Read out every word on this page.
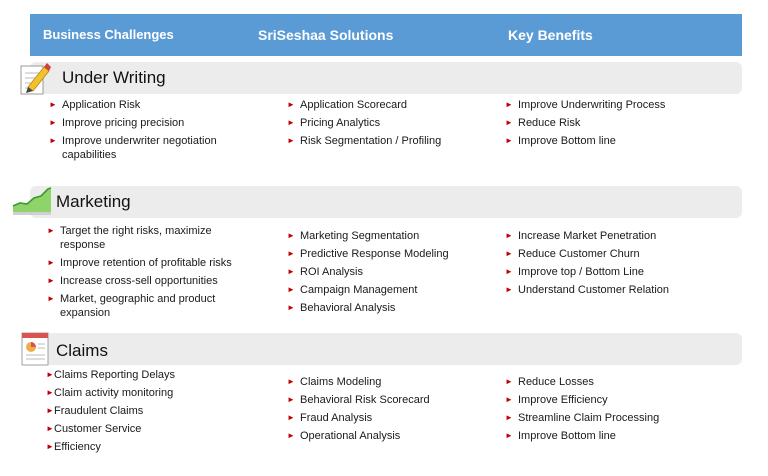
Business Challenges	SriSeshaa Solutions	Key Benefits
Under Writing
► Application Risk
► Improve pricing precision
► Improve underwriter negotiation capabilities
► Application Scorecard
► Pricing Analytics
► Risk Segmentation / Profiling
► Improve Underwriting Process
► Reduce Risk
► Improve Bottom line
Marketing
► Target the right risks, maximize response
► Improve retention of profitable risks
► Increase cross-sell opportunities
► Market, geographic and product expansion
► Marketing Segmentation
► Predictive Response Modeling
► ROI Analysis
► Campaign Management
► Behavioral Analysis
► Increase Market Penetration
► Reduce Customer Churn
► Improve top / Bottom Line
► Understand Customer Relation
Claims
► Claims Reporting Delays
► Claim activity monitoring
► Fraudulent Claims
► Customer Service
► Efficiency
► Claims Modeling
► Behavioral Risk Scorecard
► Fraud Analysis
► Operational Analysis
► Reduce Losses
► Improve Efficiency
► Streamline Claim Processing
► Improve Bottom line
